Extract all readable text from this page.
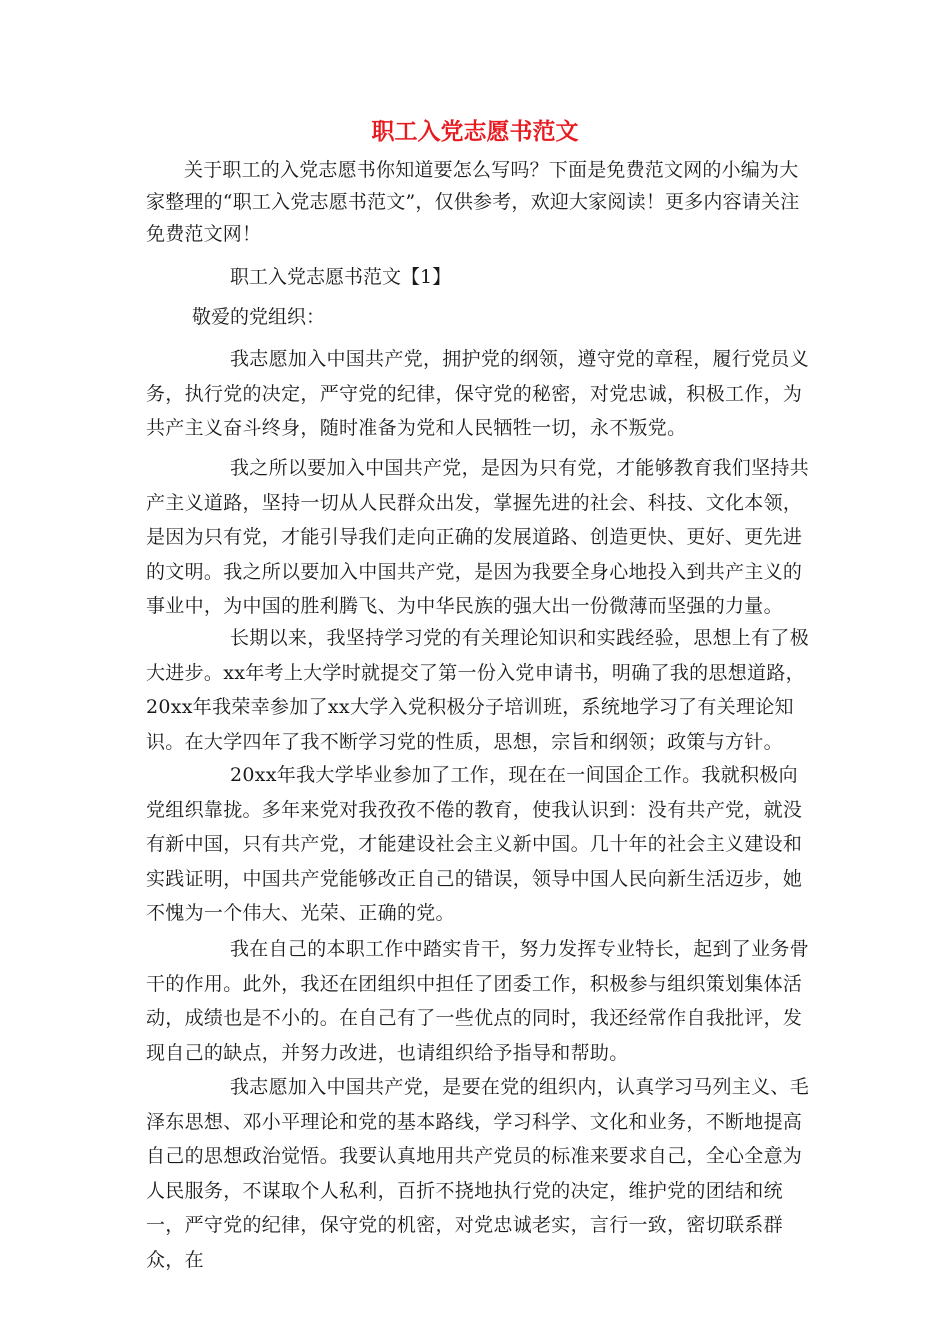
职工入党志愿书范文

关于职工的入党志愿书你知道要怎么写吗？下面是免费范文网的小编为大家整理的“职工入党志愿书范文”，仅供参考，欢迎大家阅读！更多内容请关注免费范文网！

职工入党志愿书范文【1】

敬爱的党组织：

我志愿加入中国共产党，拥护党的纲领，遵守党的章程，履行党员义务，执行党的决定，严守党的纪律，保守党的秘密，对党忠诚，积极工作，为共产主义奋斗终身，随时准备为党和人民牺牲一切，永不叛党。

我之所以要加入中国共产党，是因为只有党，才能够教育我们坚持共产主义道路，坚持一切从人民群众出发，掌握先进的社会、科技、文化本领，是因为只有党，才能引导我们走向正确的发展道路、创造更快、更好、更先进的文明。我之所以要加入中国共产党，是因为我要全身心地投入到共产主义的事业中，为中国的胜利腾飞、为中华民族的强大出一份微薄而坚强的力量。

长期以来，我坚持学习党的有关理论知识和实践经验，思想上有了极大进步。xx年考上大学时就提交了第一份入党申请书，明确了我的思想道路，20xx年我荣幸参加了xx大学入党积极分子培训班，系统地学习了有关理论知识。在大学四年了我不断学习党的性质，思想，宗旨和纲领；政策与方针。

20xx年我大学毕业参加了工作，现在在一间国企工作。我就积极向党组织靠拢。多年来党对我孜孜不倦的教育，使我认识到：没有共产党，就没有新中国，只有共产党，才能建设社会主义新中国。几十年的社会主义建设和实践证明，中国共产党能够改正自己的错误，领导中国人民向新生活迈步，她不愧为一个伟大、光荣、正确的党。

我在自己的本职工作中踏实肯干，努力发挥专业特长，起到了业务骨干的作用。此外，我还在团组织中担任了团委工作，积极参与组织策划集体活动，成绩也是不小的。在自己有了一些优点的同时，我还经常作自我批评，发现自己的缺点，并努力改进，也请组织给予指导和帮助。

我志愿加入中国共产党，是要在党的组织内，认真学习马列主义、毛泽东思想、邓小平理论和党的基本路线，学习科学、文化和业务，不断地提高自己的思想政治觉悟。我要认真地用共产党员的标准来要求自己，全心全意为人民服务，不谋取个人私利，百折不挠地执行党的决定，维护党的团结和统一，严守党的纪律，保守党的机密，对党忠诚老实，言行一致，密切联系群众，在
